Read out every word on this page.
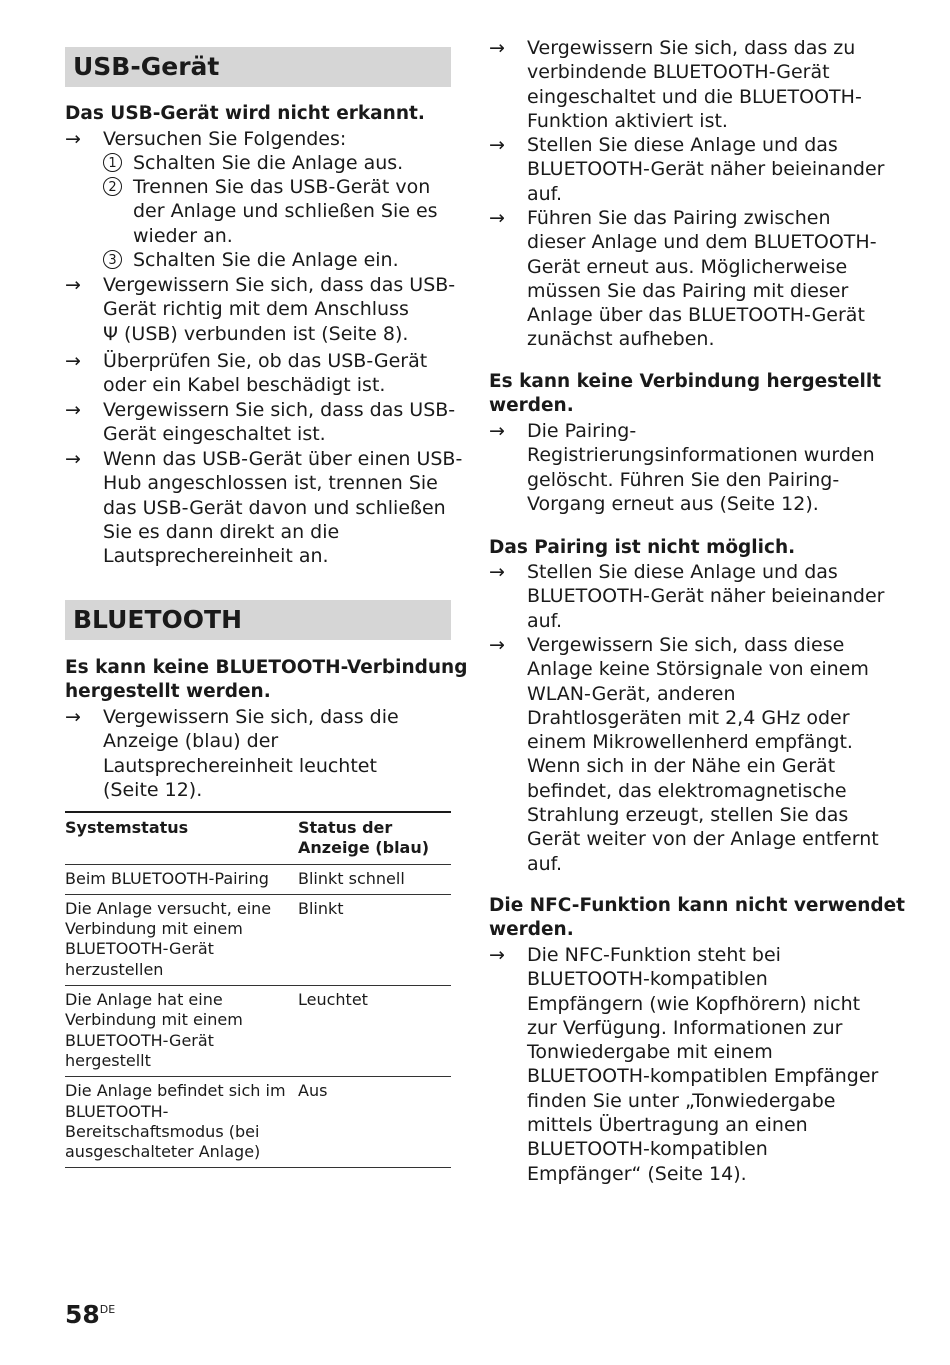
USB-Gerät
Das USB-Gerät wird nicht erkannt.
→	Versuchen Sie Folgendes:
1 Schalten Sie die Anlage aus.
2 Trennen Sie das USB-Gerät von
der Anlage und schließen Sie es
wieder an.
3 Schalten Sie die Anlage ein.
→	Vergewissern Sie sich, dass das USB-
Gerät richtig mit dem Anschluss
Ψ (USB) verbunden ist (Seite 8).
→	Überprüfen Sie, ob das USB-Gerät
oder ein Kabel beschädigt ist.
→	Vergewissern Sie sich, dass das USB-
Gerät eingeschaltet ist.
→	Wenn das USB-Gerät über einen USB-
Hub angeschlossen ist, trennen Sie
das USB-Gerät davon und schließen
Sie es dann direkt an die
Lautsprechereinheit an.
BLUETOOTH
Es kann keine BLUETOOTH-Verbindung
hergestellt werden.
→	Vergewissern Sie sich, dass die
Anzeige (blau) der
Lautsprechereinheit leuchtet
(Seite 12).
Systemstatus	Status der
Anzeige (blau)
Beim BLUETOOTH-Pairing	Blinkt schnell
Die Anlage versucht, eine
Verbindung mit einem
BLUETOOTH-Gerät
herzustellen	Blinkt
Die Anlage hat eine
Verbindung mit einem
BLUETOOTH-Gerät
hergestellt	Leuchtet
Die Anlage befindet sich im
BLUETOOTH-
Bereitschaftsmodus (bei
ausgeschalteter Anlage)	Aus
→	Vergewissern Sie sich, dass das zu
verbindende BLUETOOTH-Gerät
eingeschaltet und die BLUETOOTH-
Funktion aktiviert ist.
→	Stellen Sie diese Anlage und das
BLUETOOTH-Gerät näher beieinander
auf.
→	Führen Sie das Pairing zwischen
dieser Anlage und dem BLUETOOTH-
Gerät erneut aus. Möglicherweise
müssen Sie das Pairing mit dieser
Anlage über das BLUETOOTH-Gerät
zunächst aufheben.
Es kann keine Verbindung hergestellt
werden.
→	Die Pairing-
Registrierungsinformationen wurden
gelöscht. Führen Sie den Pairing-
Vorgang erneut aus (Seite 12).
Das Pairing ist nicht möglich.
→	Stellen Sie diese Anlage und das
BLUETOOTH-Gerät näher beieinander
auf.
→	Vergewissern Sie sich, dass diese
Anlage keine Störsignale von einem
WLAN-Gerät, anderen
Drahtlosgeräten mit 2,4 GHz oder
einem Mikrowellenherd empfängt.
Wenn sich in der Nähe ein Gerät
befindet, das elektromagnetische
Strahlung erzeugt, stellen Sie das
Gerät weiter von der Anlage entfernt
auf.
Die NFC-Funktion kann nicht verwendet
werden.
→	Die NFC-Funktion steht bei
BLUETOOTH-kompatiblen
Empfängern (wie Kopfhörern) nicht
zur Verfügung. Informationen zur
Tonwiedergabe mit einem
BLUETOOTH-kompatiblen Empfänger
finden Sie unter „Tonwiedergabe
mittels Übertragung an einen
BLUETOOTH-kompatiblen
Empfänger“ (Seite 14).
58DE
